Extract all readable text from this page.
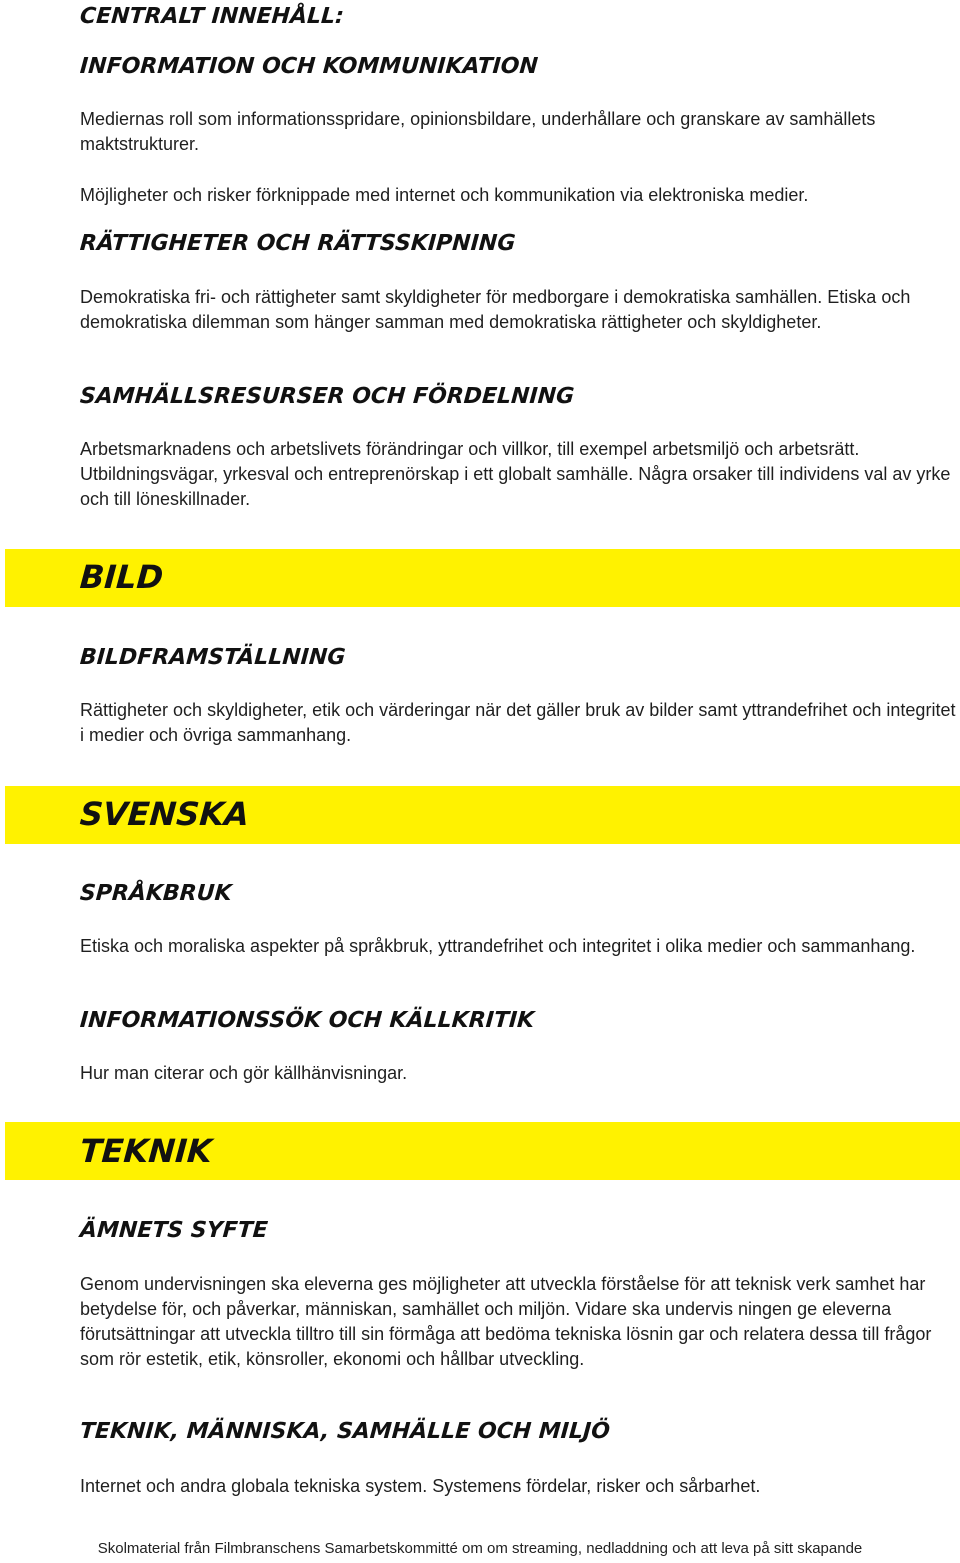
CENTRALT INNEHÅLL:
INFORMATION OCH KOMMUNIKATION

Mediernas roll som informationsspridare, opinionsbildare, underhållare och granskare av samhällets maktstrukturer.

Möjligheter och risker förknippade med internet och kommunikation via elektroniska medier.

RÄTTIGHETER OCH RÄTTSSKIPNING

Demokratiska fri- och rättigheter samt skyldigheter för medborgare i demokratiska samhällen. Etiska och demokratiska dilemman som hänger samman med demokratiska rättigheter och skyldigheter.

SAMHÄLLSRESURSER OCH FÖRDELNING

Arbetsmarknadens och arbetslivets förändringar och villkor, till exempel arbetsmiljö och arbetsrätt. Utbildningsvägar, yrkesval och entreprenörskap i ett globalt samhälle. Några orsaker till individens val av yrke och till löneskillnader.

BILD
BILDFRAMSTÄLLNING

Rättigheter och skyldigheter, etik och värderingar när det gäller bruk av bilder samt yttrandefrihet och integritet i medier och övriga sammanhang.

SVENSKA
SPRÅKBRUK

Etiska och moraliska aspekter på språkbruk, yttrandefrihet och integritet i olika medier och sammanhang.

INFORMATIONSSÖK OCH KÄLLKRITIK

Hur man citerar och gör källhänvisningar.

TEKNIK
ÄMNETS SYFTE

Genom undervisningen ska eleverna ges möjligheter att utveckla förståelse för att teknisk verk samhet har betydelse för, och påverkar, människan, samhället och miljön. Vidare ska undervis ningen ge eleverna förutsättningar att utveckla tilltro till sin förmåga att bedöma tekniska lösnin gar och relatera dessa till frågor som rör estetik, etik, könsroller, ekonomi och hållbar utveckling.

TEKNIK, MÄNNISKA, SAMHÄLLE OCH MILJÖ

Internet och andra globala tekniska system. Systemens fördelar, risker och sårbarhet.

Skolmaterial från Filmbranschens Samarbetskommitté om om streaming, nedladdning och att leva på sitt skapande
